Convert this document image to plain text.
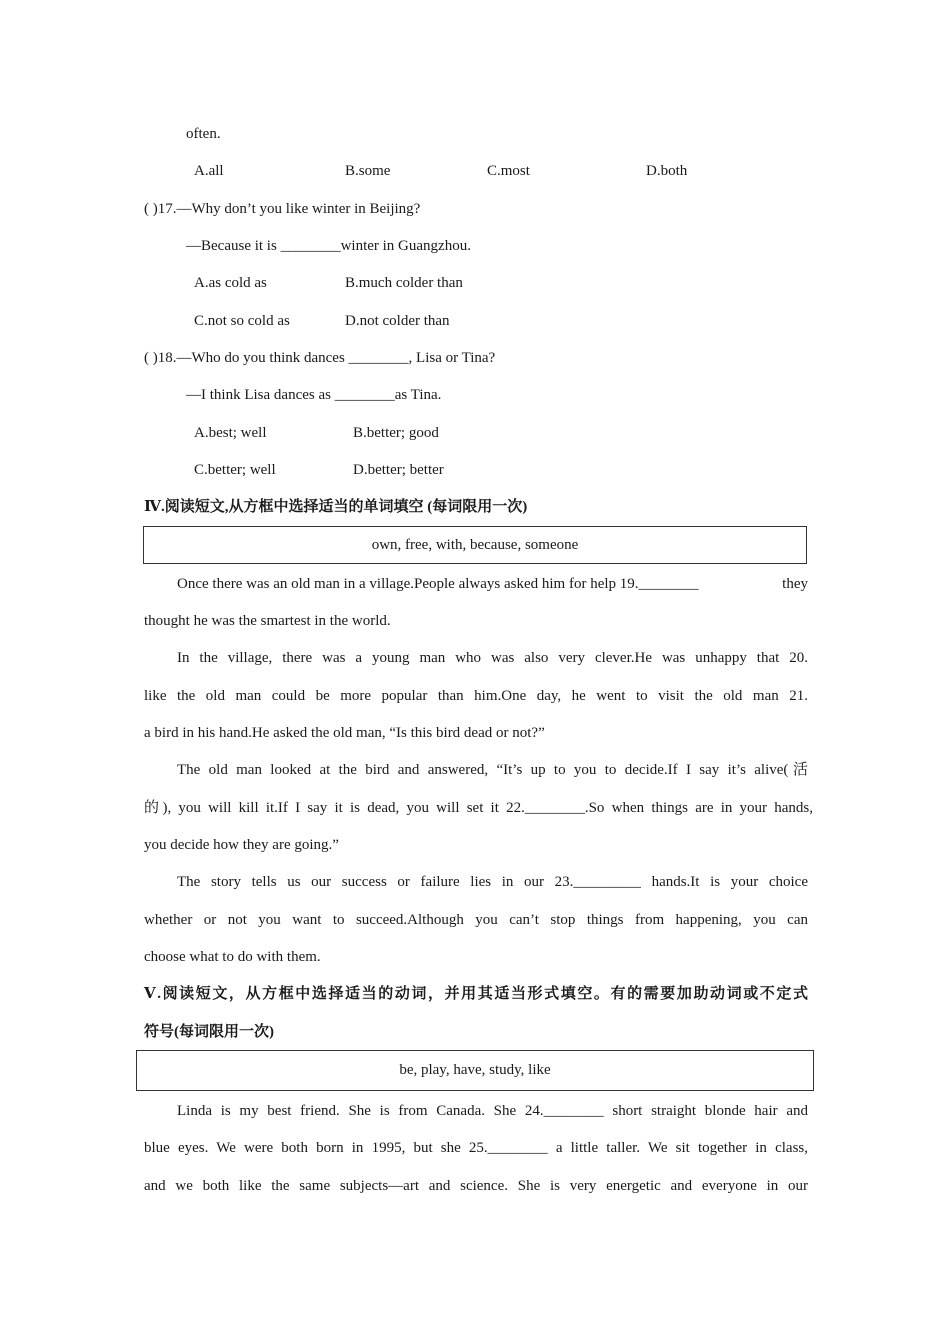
often.
A.all	B.some	C.most	D.both
( )17.—Why don’t you like winter in Beijing?
—Because it is ________winter in Guangzhou.
A.as cold as	B.much colder than
C.not so cold as	D.not colder than
( )18.—Who do you think dances ________, Lisa or Tina?
—I think Lisa dances as ________as Tina.
A.best; well	B.better; good
C.better; well	D.better; better
Ⅳ.阅读短文,从方框中选择适当的单词填空 (每词限用一次)
own, free, with, because, someone
Once there was an old man in a village.People always asked him for help 19.________	they
thought he was the smartest in the world.
In the village, there was a young man who was also very clever.He was unhappy that 20.
like the old man could be more popular than him.One day, he went to visit the old man 21.
a bird in his hand.He asked the old man, “Is this bird dead or not?”
The old man looked at the bird and answered, “It’s up to you to decide.If I say it’s alive(活
的), you will kill it.If I say it is dead, you will set it 22.________.So when things are in your hands,
you decide how they are going.”
The story tells us our success or failure lies in our 23._________ hands.It is your choice
whether or not you want to succeed.Although you can’t stop things from happening, you can
choose what to do with them.
Ⅴ.阅读短文，从方框中选择适当的动词，并用其适当形式填空。有的需要加助动词或不定式
符号(每词限用一次)
be, play, have, study, like
Linda is my best friend. She is from Canada. She 24.________ short straight blonde hair and
blue eyes. We were both born in 1995, but she 25.________ a little taller. We sit together in class,
and we both like the same subjects—art and science. She is very energetic and everyone in our
